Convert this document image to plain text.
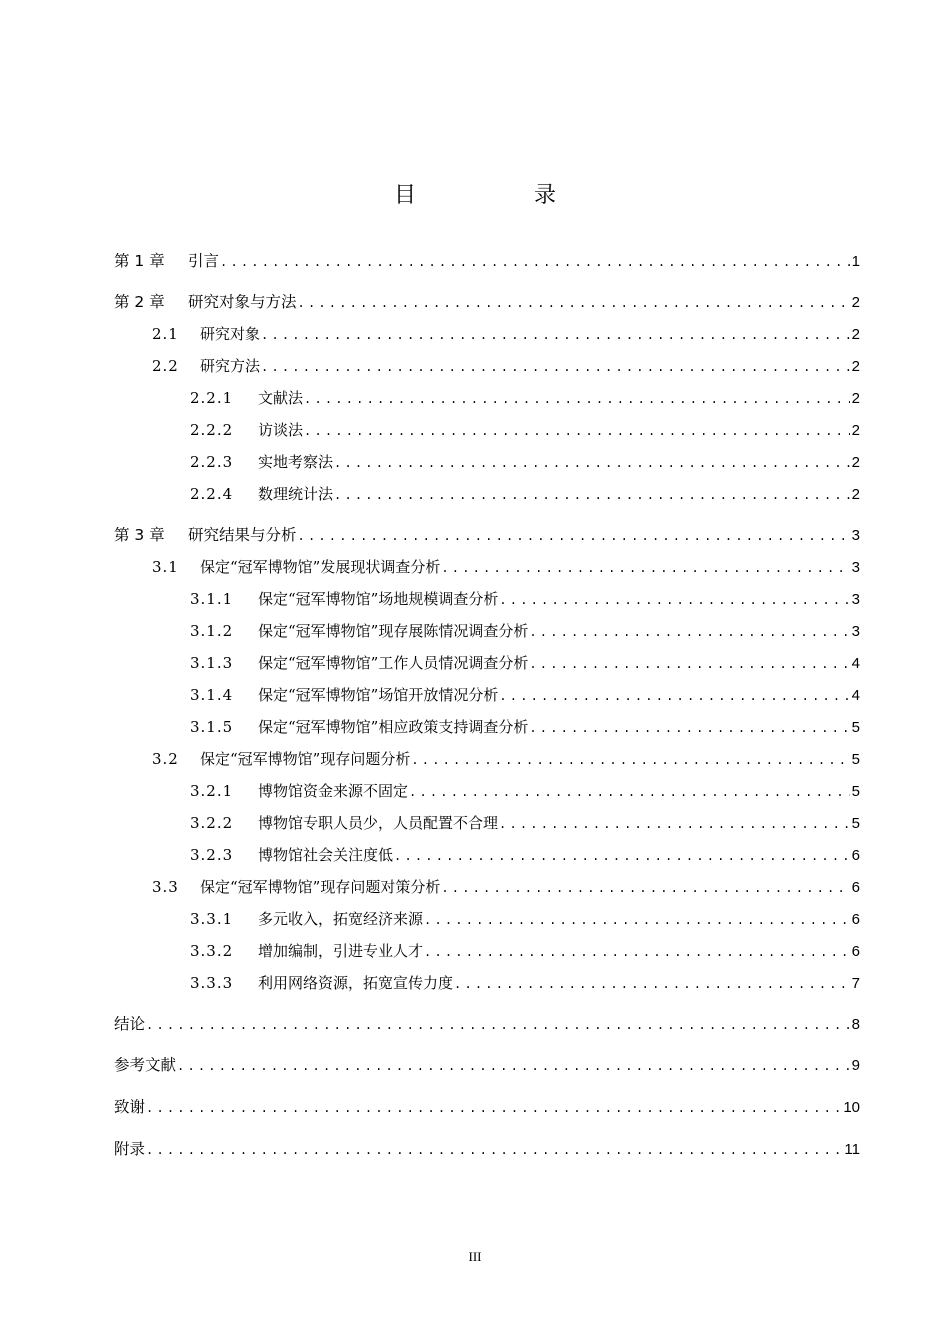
目　录
第 1 章	引言 .....	1
第 2 章	研究对象与方法 .....	2
2.1	研究对象 .....	2
2.2	研究方法 .....	2
2.2.1	文献法 .....	2
2.2.2	访谈法 .....	2
2.2.3	实地考察法 .....	2
2.2.4	数理统计法 .....	2
第 3 章	研究结果与分析 .....	3
3.1	保定“冠军博物馆”发展现状调查分析 .....	3
3.1.1	保定“冠军博物馆”场地规模调查分析 .....	3
3.1.2	保定“冠军博物馆”现存展陈情况调查分析 .....	3
3.1.3	保定“冠军博物馆”工作人员情况调查分析 .....	4
3.1.4	保定“冠军博物馆”场馆开放情况分析 .....	4
3.1.5	保定“冠军博物馆”相应政策支持调查分析 .....	5
3.2	保定“冠军博物馆”现存问题分析 .....	5
3.2.1	博物馆资金来源不固定 .....	5
3.2.2	博物馆专职人员少，人员配置不合理 .....	5
3.2.3	博物馆社会关注度低 .....	6
3.3	保定“冠军博物馆”现存问题对策分析 .....	6
3.3.1	多元收入，拓宽经济来源 .....	6
3.3.2	增加编制，引进专业人才 .....	6
3.3.3	利用网络资源，拓宽宣传力度 .....	7
结论 .....	8
参考文献 .....	9
致谢 .....	10
附录 .....	11
III
